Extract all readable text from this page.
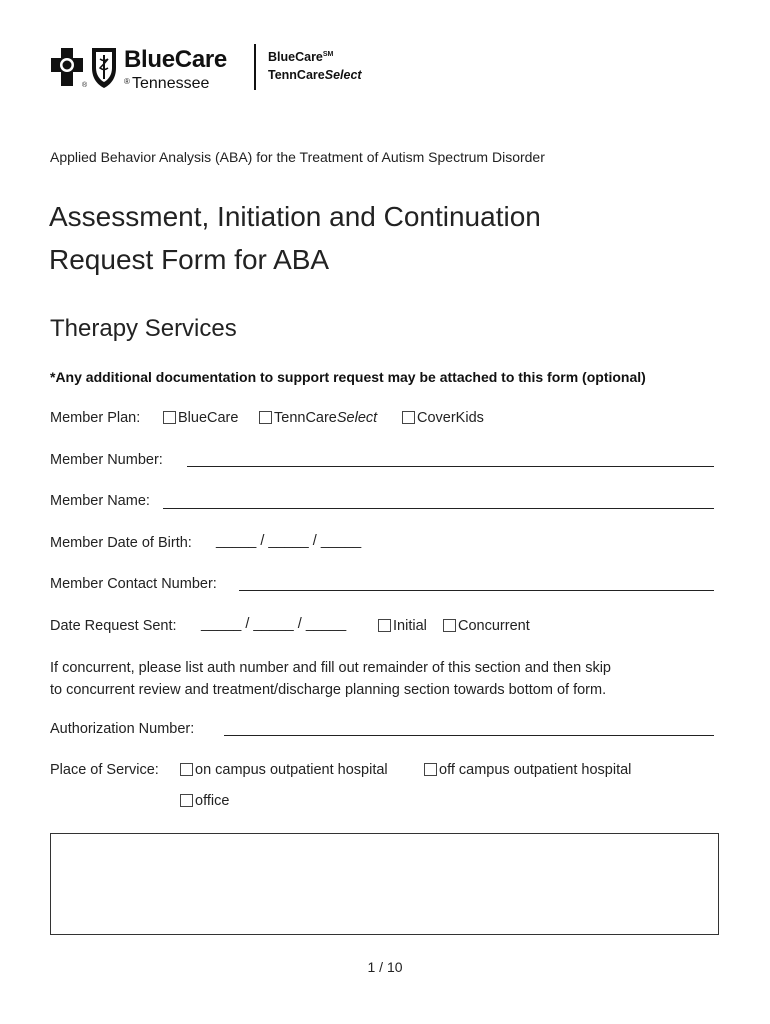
®
BlueCare
® Tennessee
BlueCare℠
TennCareSelect
Applied Behavior Analysis (ABA) for the Treatment of Autism Spectrum Disorder
Assessment, Initiation and Continuation
Request Form for ABA
Therapy Services
*Any additional documentation to support request may be attached to this form (optional)
Member Plan:	BlueCare	TennCareSelect	CoverKids
Member Number:
Member Name:
Member Date of Birth: _____ / _____ / _____
Member Contact Number:
Date Request Sent: _____ / _____ / _____	Initial	Concurrent
If concurrent, please list auth number and fill out remainder of this section and then skip
to concurrent review and treatment/discharge planning section towards bottom of form.
Authorization Number:
Place of Service:	on campus outpatient hospital	off campus outpatient hospital
office
1 / 10
